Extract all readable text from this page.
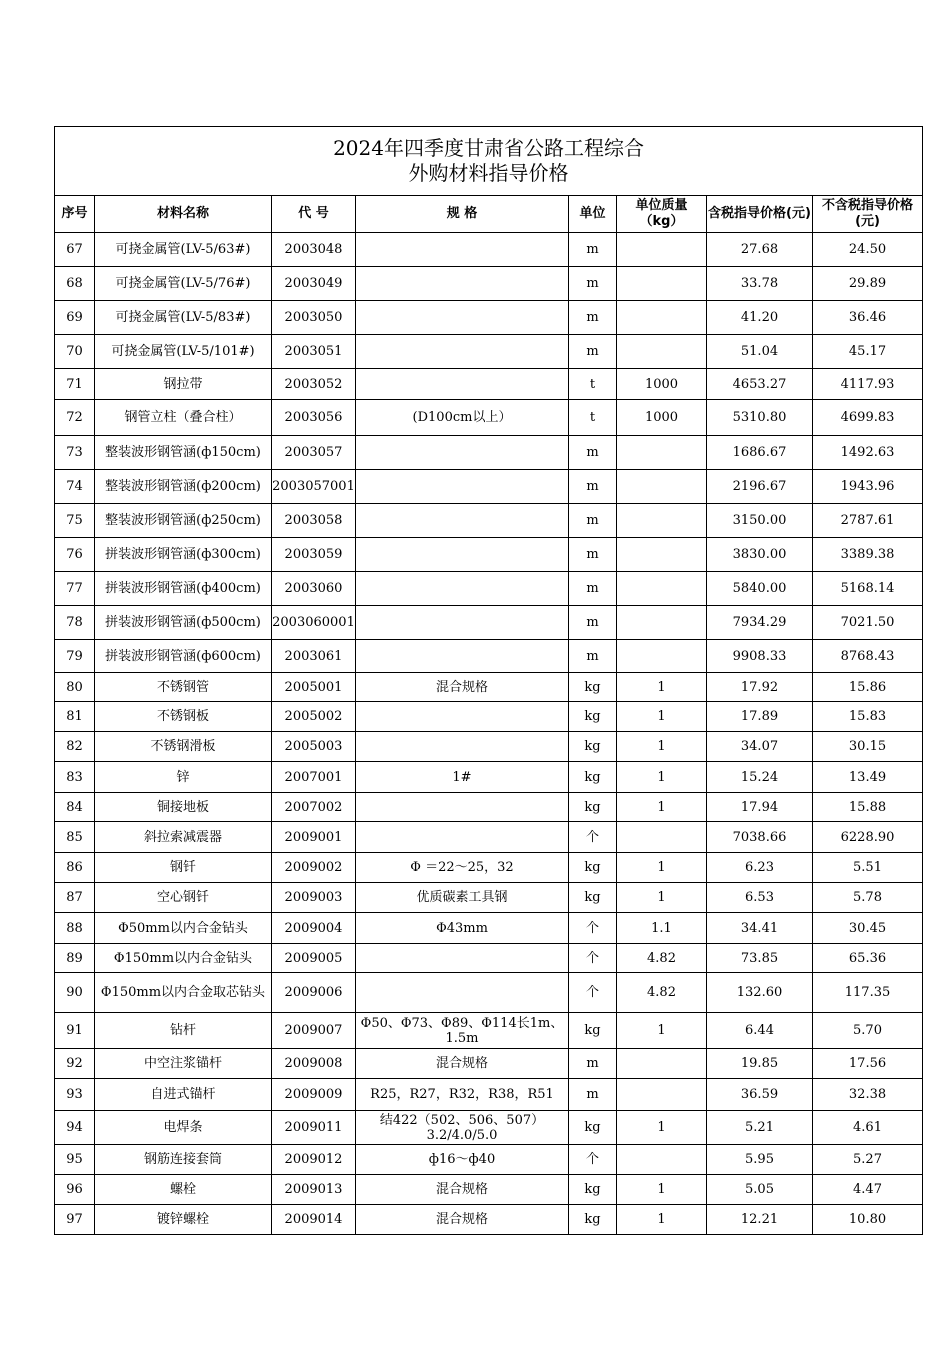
2024年四季度甘肃省公路工程综合
外购材料指导价格							

序号	材料名称	代 号	规 格	单位	单位质量（kg）	含税指导价格(元)	不含税指导价格(元)
67	可挠金属管(LV-5/63#)	2003048		m		27.68	24.50
68	可挠金属管(LV-5/76#)	2003049		m		33.78	29.89
69	可挠金属管(LV-5/83#)	2003050		m		41.20	36.46
70	可挠金属管(LV-5/101#)	2003051		m		51.04	45.17
71	钢拉带	2003052		t	1000	4653.27	4117.93
72	钢管立柱（叠合柱）	2003056	(D100cm以上）	t	1000	5310.80	4699.83
73	整装波形钢管涵(ф150cm)	2003057		m		1686.67	1492.63
74	整装波形钢管涵(ф200cm)	2003057001		m		2196.67	1943.96
75	整装波形钢管涵(ф250cm)	2003058		m		3150.00	2787.61
76	拼装波形钢管涵(ф300cm)	2003059		m		3830.00	3389.38
77	拼装波形钢管涵(ф400cm)	2003060		m		5840.00	5168.14
78	拼装波形钢管涵(ф500cm)	2003060001		m		7934.29	7021.50
79	拼装波形钢管涵(ф600cm)	2003061		m		9908.33	8768.43
80	不锈钢管	2005001	混合规格	kg	1	17.92	15.86
81	不锈钢板	2005002		kg	1	17.89	15.83
82	不锈钢滑板	2005003		kg	1	34.07	30.15
83	锌	2007001	1#	kg	1	15.24	13.49
84	铜接地板	2007002		kg	1	17.94	15.88
85	斜拉索减震器	2009001		个		7038.66	6228.90
86	钢钎	2009002	Φ ＝22～25，32	kg	1	6.23	5.51
87	空心钢钎	2009003	优质碳素工具钢	kg	1	6.53	5.78
88	Φ50mm以内合金钻头	2009004	Φ43mm	个	1.1	34.41	30.45
89	Φ150mm以内合金钻头	2009005		个	4.82	73.85	65.36
90	Φ150mm以内合金取芯钻头	2009006		个	4.82	132.60	117.35
91	钻杆	2009007	Φ50、Φ73、Φ89、Φ114长1m、1.5m	kg	1	6.44	5.70
92	中空注浆锚杆	2009008	混合规格	m		19.85	17.56
93	自进式锚杆	2009009	R25，R27，R32，R38，R51	m		36.59	32.38
94	电焊条	2009011	结422（502、506、507）3.2/4.0/5.0	kg	1	5.21	4.61
95	钢筋连接套筒	2009012	ф16～ф40	个		5.95	5.27
96	螺栓	2009013	混合规格	kg	1	5.05	4.47
97	镀锌螺栓	2009014	混合规格	kg	1	12.21	10.80
